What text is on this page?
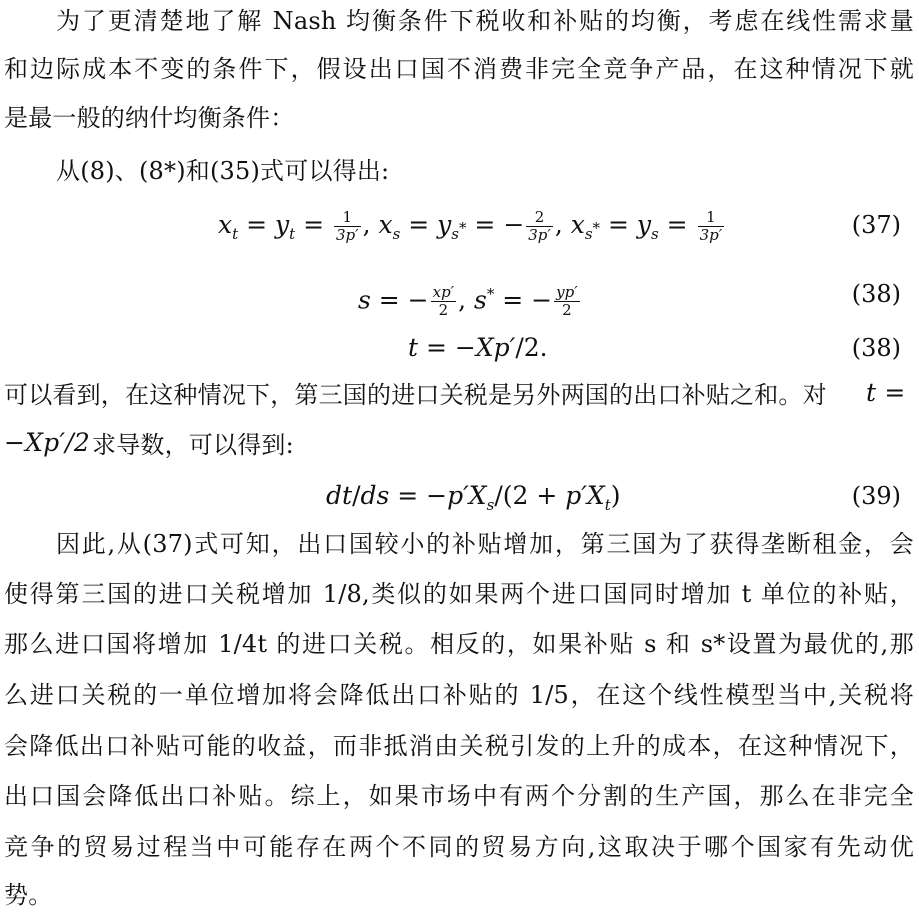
为了更清楚地了解 Nash 均衡条件下税收和补贴的均衡，考虑在线性需求量
和边际成本不变的条件下，假设出口国不消费非完全竞争产品，在这种情况下就
是最一般的纳什均衡条件：
从(8)、(8*)和(35)式可以得出:
$x_t = y_t = \frac{1}{3p'}$ , $x_s = y_{s^*}$ = − $\frac{2}{3p'}$ , $x_{s^*} = y_s = \frac{1}{3p'}$	(37)
s = − $\frac{xp'}{2}$ , s* = − $\frac{yp'}{2}$	(38)
t = −Xp′/2.	(38)
可以看到，在这种情况下，第三国的进口关税是另外两国的出口补贴之和。对	t =
−Xp′/2 求导数，可以得到:
$dt/ds = -p'X_s/(2 + p'X_t)$	(39)
因此,从(37)式可知，出口国较小的补贴增加，第三国为了获得垄断租金，会
使得第三国的进口关税增加 1/8,类似的如果两个进口国同时增加 t 单位的补贴，
那么进口国将增加 1/4t 的进口关税。相反的，如果补贴 s 和 s*设置为最优的,那
么进口关税的一单位增加将会降低出口补贴的 1/5，在这个线性模型当中,关税将
会降低出口补贴可能的收益，而非抵消由关税引发的上升的成本，在这种情况下，
出口国会降低出口补贴。综上，如果市场中有两个分割的生产国，那么在非完全
竞争的贸易过程当中可能存在两个不同的贸易方向,这取决于哪个国家有先动优
势。
